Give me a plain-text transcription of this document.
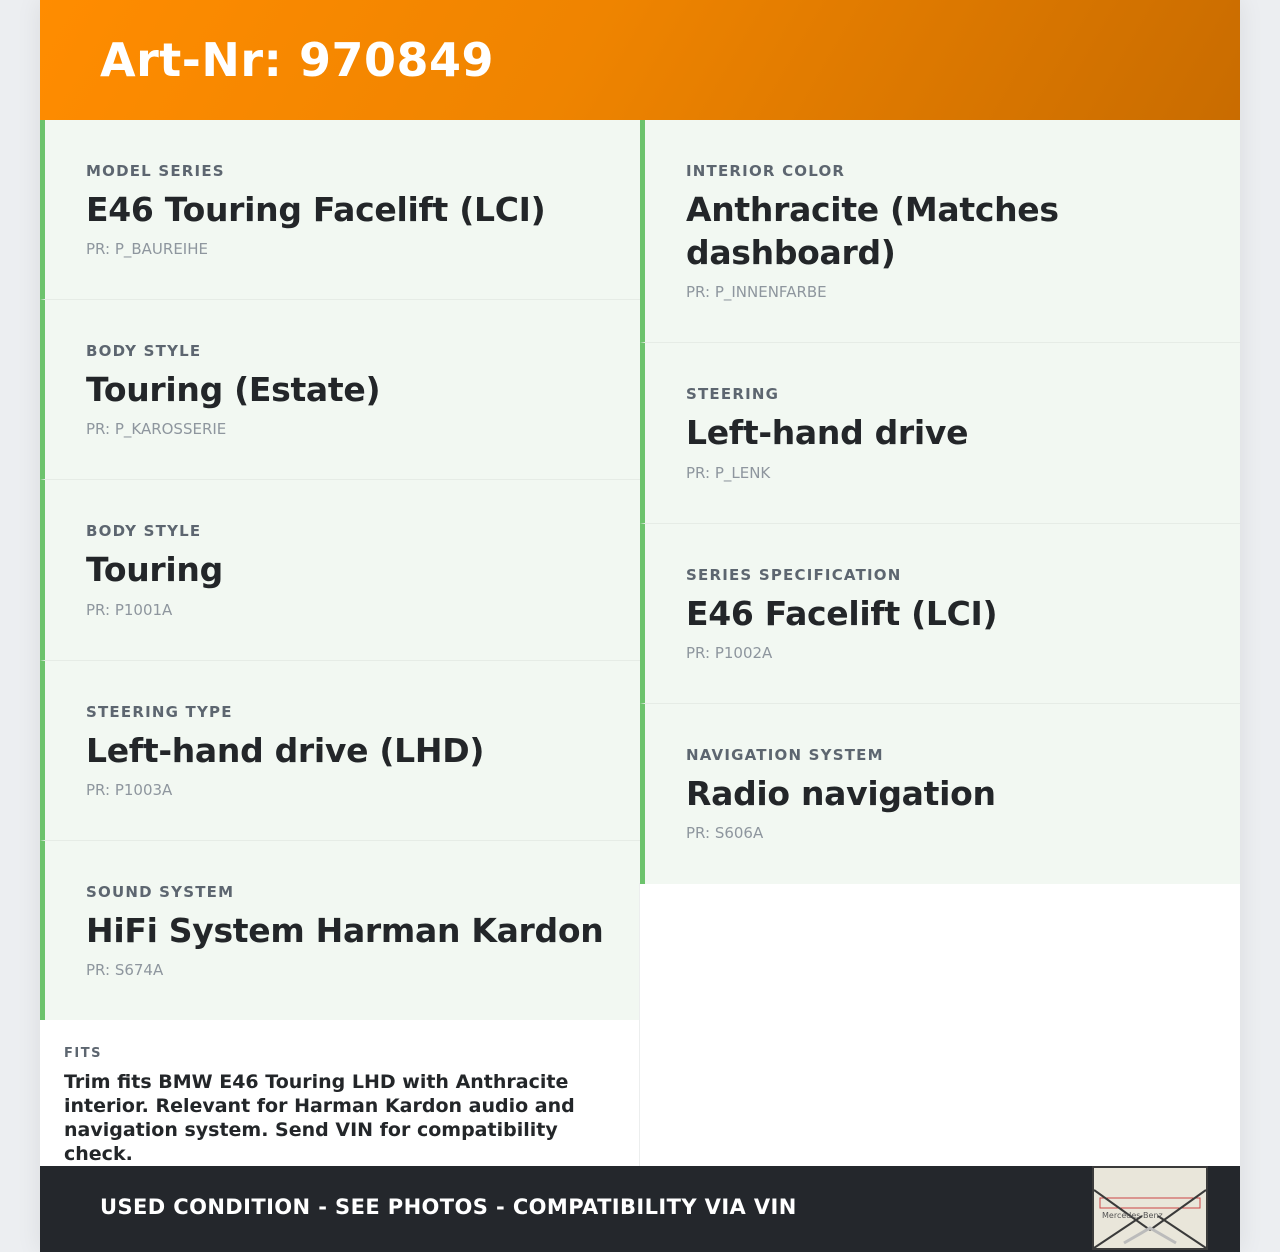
Art-Nr: 970849
MODEL SERIES
E46 Touring Facelift (LCI)
PR: P_BAUREIHE
BODY STYLE
Touring (Estate)
PR: P_KAROSSERIE
BODY STYLE
Touring
PR: P1001A
STEERING TYPE
Left-hand drive (LHD)
PR: P1003A
SOUND SYSTEM
HiFi System Harman Kardon
PR: S674A
INTERIOR COLOR
Anthracite (Matches dashboard)
PR: P_INNENFARBE
STEERING
Left-hand drive
PR: P_LENK
SERIES SPECIFICATION
E46 Facelift (LCI)
PR: P1002A
NAVIGATION SYSTEM
Radio navigation
PR: S606A
FITS
Trim fits BMW E46 Touring LHD with Anthracite interior. Relevant for Harman Kardon audio and navigation system. Send VIN for compatibility check.
USED CONDITION - SEE PHOTOS - COMPATIBILITY VIA VIN	Mercedes-Benz
